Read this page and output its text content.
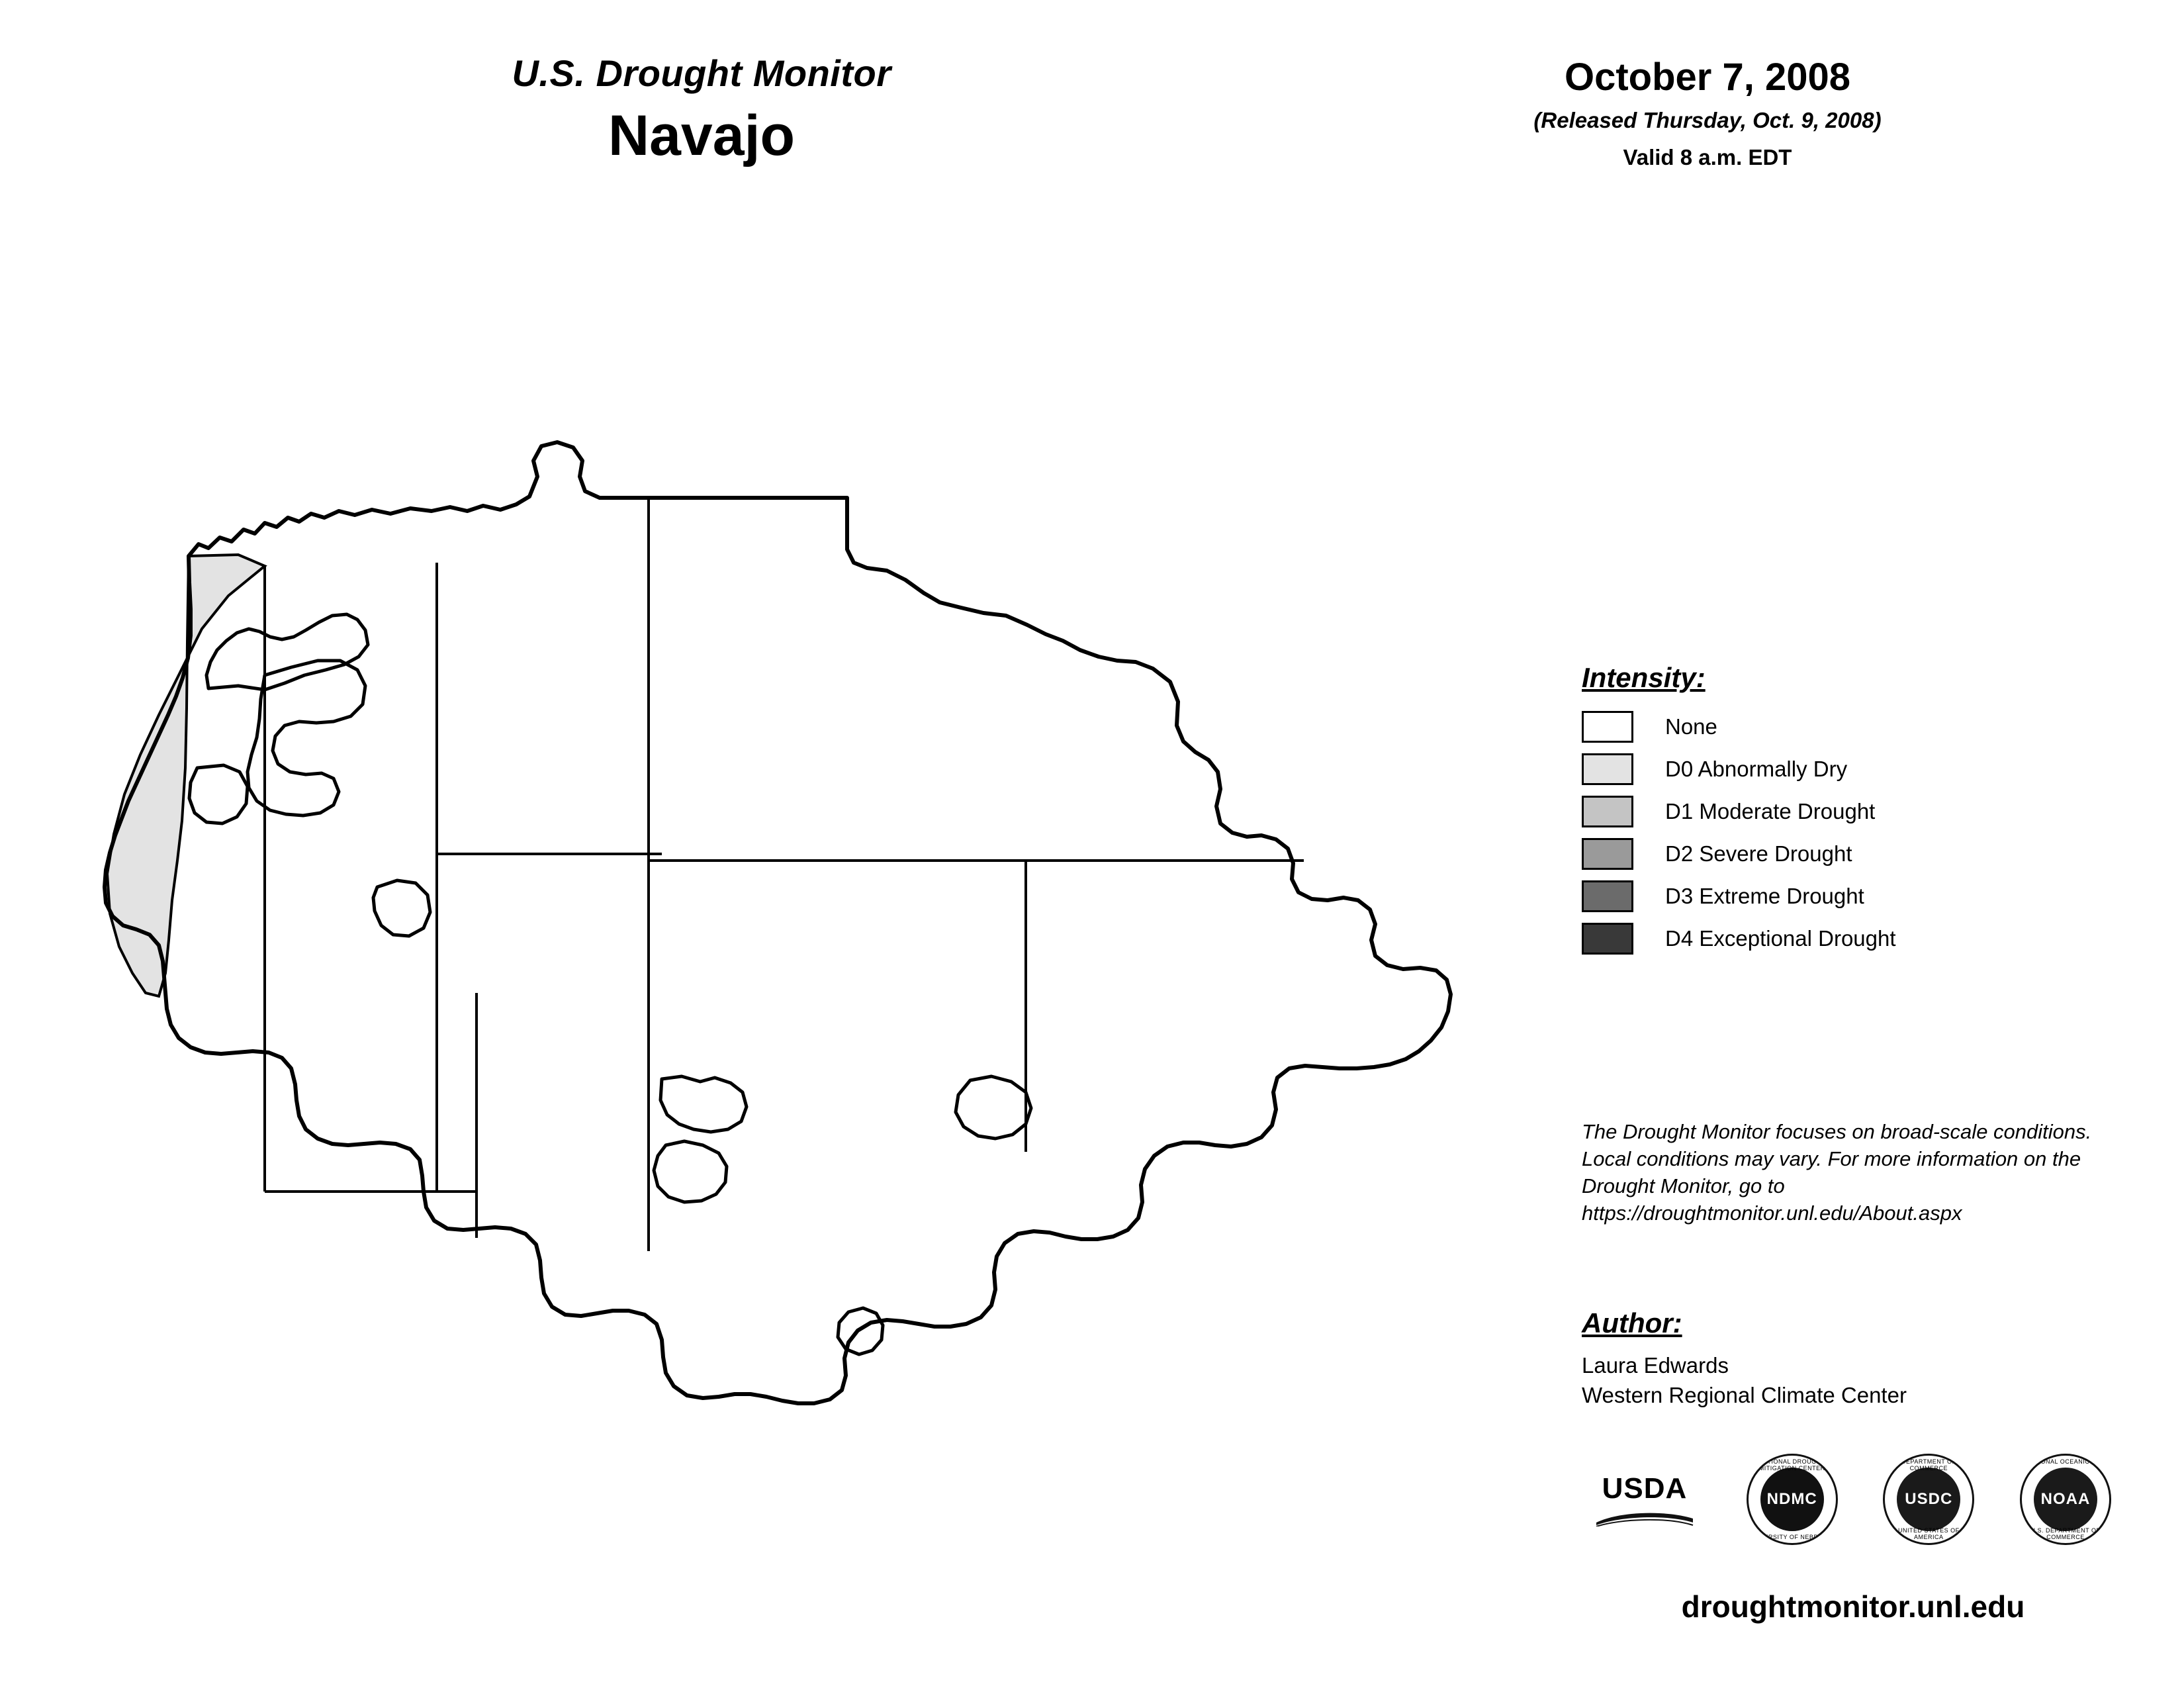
U.S. Drought Monitor
Navajo
October 7, 2008
(Released Thursday, Oct. 9, 2008)
Valid 8 a.m. EDT
Intensity:
None
D0 Abnormally Dry
D1 Moderate Drought
D2 Severe Drought
D3 Extreme Drought
D4 Exceptional Drought
The Drought Monitor focuses on broad-scale conditions. Local conditions may vary. For more information on the Drought Monitor, go to https://droughtmonitor.unl.edu/About.aspx
Author:
Laura Edwards
Western Regional Climate Center
USDA
NATIONAL DROUGHT MITIGATION CENTER
NDMC
UNIVERSITY OF NEBRASKA
DEPARTMENT OF COMMERCE
USDC
UNITED STATES OF AMERICA
NATIONAL OCEANIC AND
NOAA
U.S. DEPARTMENT OF COMMERCE
droughtmonitor.unl.edu
